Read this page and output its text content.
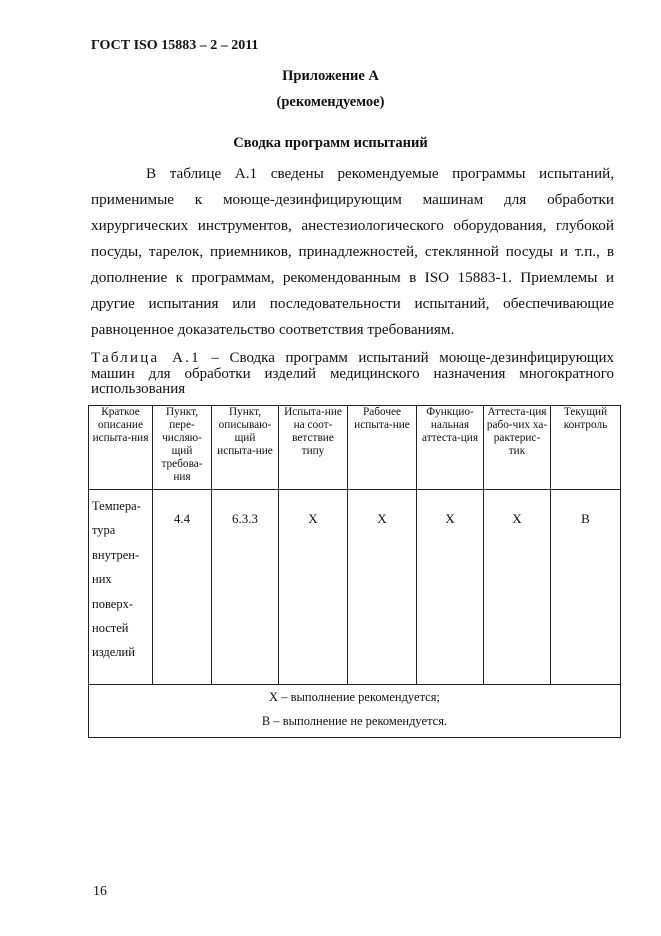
ГОСТ ISO 15883 – 2 – 2011
Приложение А
(рекомендуемое)
Сводка программ испытаний

В таблице А.1 сведены рекомендуемые программы испытаний, применимые к моюще-дезинфицирующим машинам для обработки хирургических инструментов, анестезиологического оборудования, глубокой посуды, тарелок, приемников, принадлежностей, стеклянной посуды и т.п., в дополнение к программам, рекомендованным в ISO 15883-1. Приемлемы и другие испытания или последовательности испытаний, обеспечивающие равноценное доказательство соответствия требованиям.

Таблица А.1 – Сводка программ испытаний моюще-дезинфицирующих машин для обработки изделий медицинского назначения многократного использования
Краткое описание испыта-ния	Пункт, пере-числяю-щий требова-ния	Пункт, описываю-щий испыта-ние	Испыта-ние на соот-ветствие типу	Рабочее испыта-ние	Функцио-нальная аттеста-ция	Аттеста-ция рабо-чих ха-рактерис-тик	Текущий контроль
Темпера-тура внутрен-них поверх-ностей изделий	4.4	6.3.3	X	X	X	X	B

X – выполнение рекомендуется;
В – выполнение не рекомендуется.							
16
